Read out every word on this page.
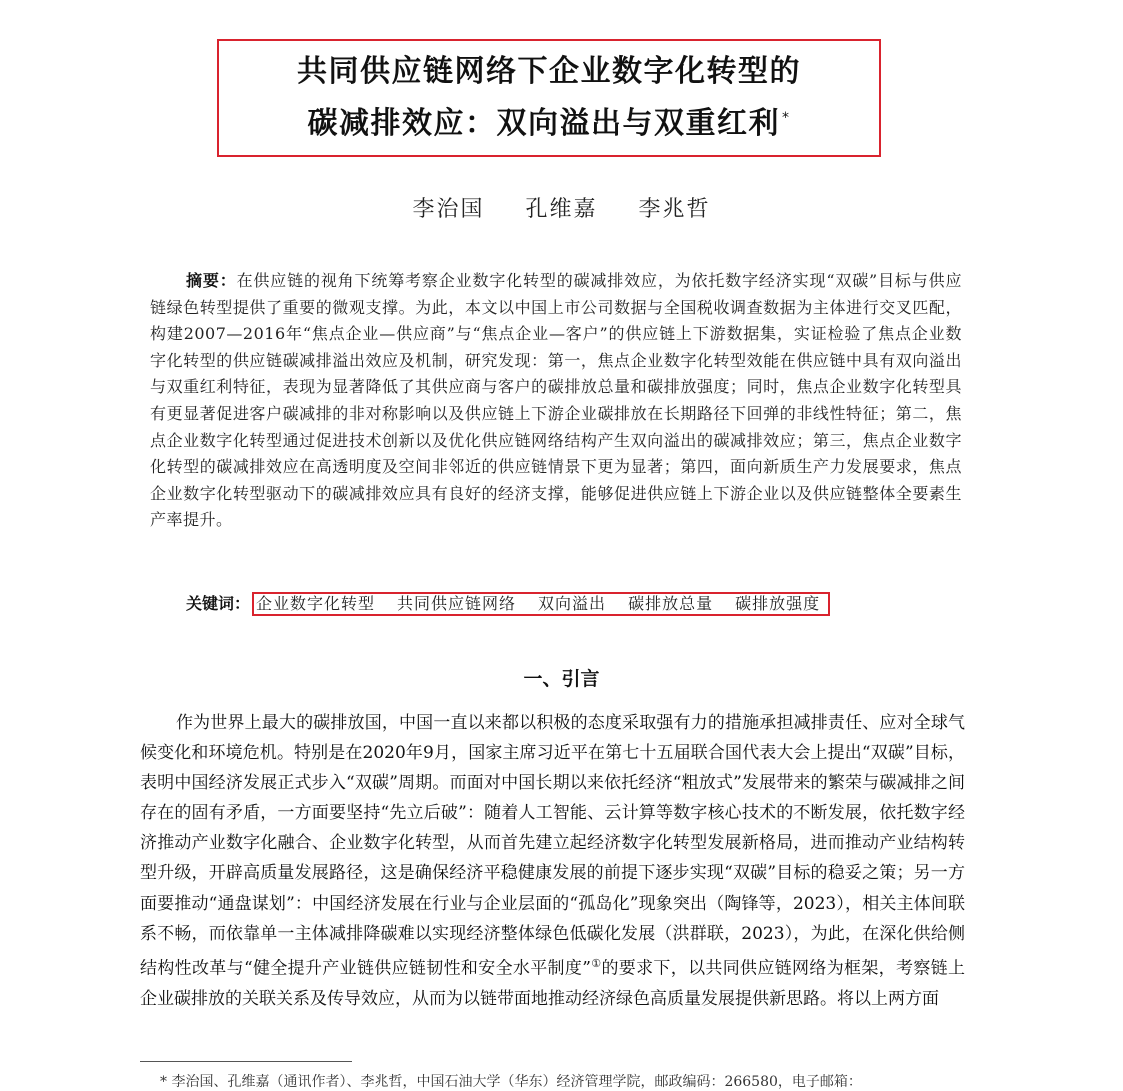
共同供应链网络下企业数字化转型的
碳减排效应：双向溢出与双重红利 *
李治国 孔维嘉 李兆哲
摘要：在供应链的视角下统筹考察企业数字化转型的碳减排效应，为依托数字经济实现“双碳”目标与供应链绿色转型提供了重要的微观支撑。为此，本文以中国上市公司数据与全国税收调查数据为主体进行交叉匹配，构建2007—2016年“焦点企业—供应商”与“焦点企业—客户”的供应链上下游数据集，实证检验了焦点企业数字化转型的供应链碳减排溢出效应及机制，研究发现：第一，焦点企业数字化转型效能在供应链中具有双向溢出与双重红利特征，表现为显著降低了其供应商与客户的碳排放总量和碳排放强度；同时，焦点企业数字化转型具有更显著促进客户碳减排的非对称影响以及供应链上下游企业碳排放在长期路径下回弹的非线性特征；第二，焦点企业数字化转型通过促进技术创新以及优化供应链网络结构产生双向溢出的碳减排效应；第三，焦点企业数字化转型的碳减排效应在高透明度及空间非邻近的供应链情景下更为显著；第四，面向新质生产力发展要求，焦点企业数字化转型驱动下的碳减排效应具有良好的经济支撑，能够促进供应链上下游企业以及供应链整体全要素生产率提升。
关键词： 企业数字化转型 共同供应链网络 双向溢出 碳排放总量 碳排放强度
一、引言
作为世界上最大的碳排放国，中国一直以来都以积极的态度采取强有力的措施承担减排责任、应对全球气候变化和环境危机。特别是在2020年9月，国家主席习近平在第七十五届联合国代表大会上提出“双碳”目标，表明中国经济发展正式步入“双碳”周期。而面对中国长期以来依托经济“粗放式”发展带来的繁荣与碳减排之间存在的固有矛盾，一方面要坚持“先立后破”：随着人工智能、云计算等数字核心技术的不断发展，依托数字经济推动产业数字化融合、企业数字化转型，从而首先建立起经济数字化转型发展新格局，进而推动产业结构转型升级，开辟高质量发展路径，这是确保经济平稳健康发展的前提下逐步实现“双碳”目标的稳妥之策；另一方面要推动“通盘谋划”：中国经济发展在行业与企业层面的“孤岛化”现象突出（陶锋等，2023），相关主体间联系不畅，而依靠单一主体减排降碳难以实现经济整体绿色低碳化发展（洪群联，2023），为此，在深化供给侧结构性改革与“健全提升产业链供应链韧性和安全水平制度”①的要求下，以共同供应链网络为框架，考察链上企业碳排放的关联关系及传导效应，从而为以链带面地推动经济绿色高质量发展提供新思路。将以上两方面
* 李治国、孔维嘉（通讯作者）、李兆哲，中国石油大学（华东）经济管理学院，邮政编码：266580，电子邮箱：
